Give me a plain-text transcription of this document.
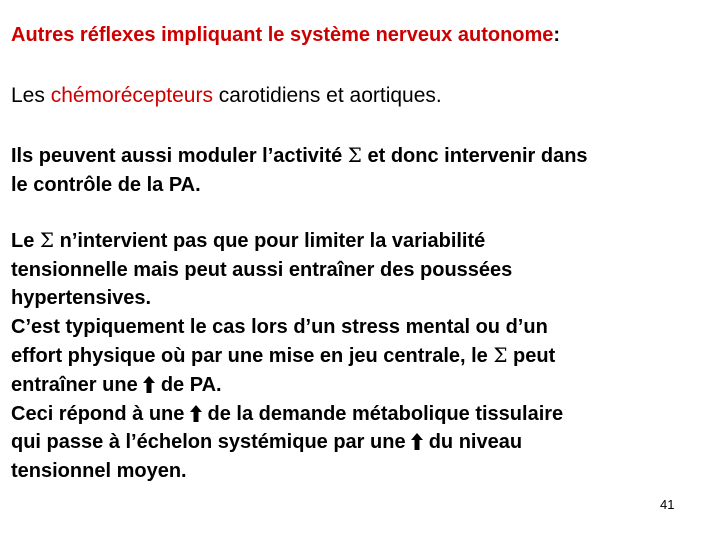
Autres réflexes impliquant le système nerveux autonome:
Les chémorécepteurs carotidiens et aortiques.
Ils peuvent aussi moduler l’activité Σ et donc intervenir dans
le contrôle de la PA.
Le Σ n’intervient pas que pour limiter la variabilité
tensionnelle mais peut aussi entraîner des poussées
hypertensives.
C’est typiquement le cas lors d’un stress mental ou d’un
effort physique où par une mise en jeu centrale, le Σ peut
entraîner une  de PA.
Ceci répond à une  de la demande métabolique tissulaire
qui passe à l’échelon systémique par une  du niveau
tensionnel moyen.
41
